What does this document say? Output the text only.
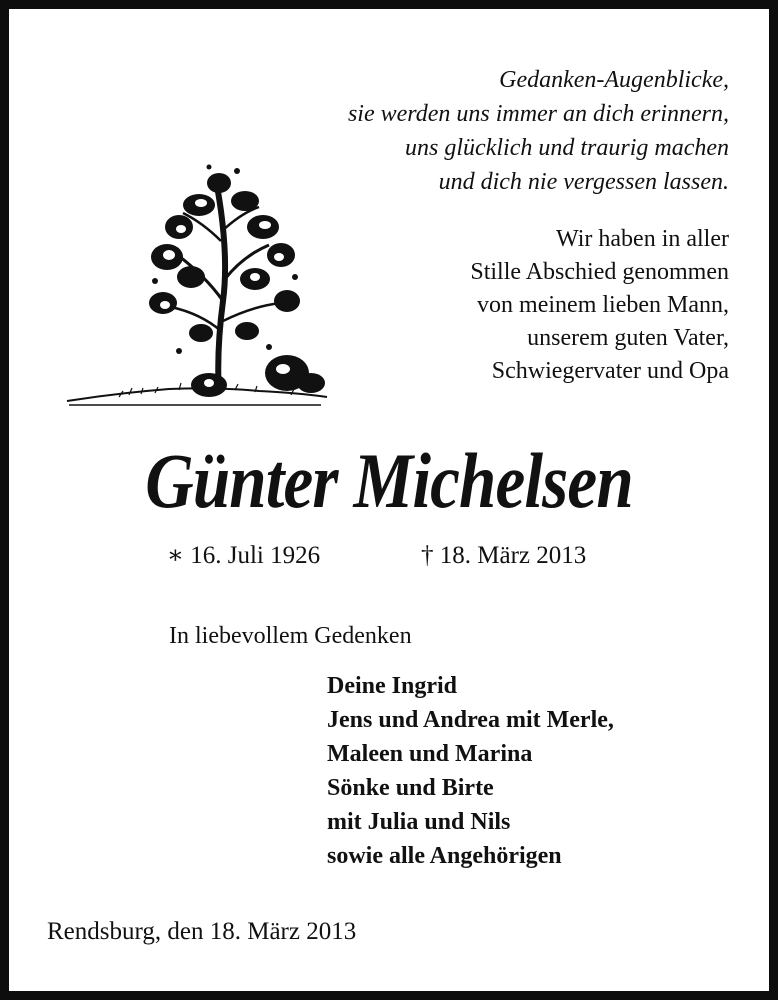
Gedanken-Augenblicke,
sie werden uns immer an dich erinnern,
uns glücklich und traurig machen
und dich nie vergessen lassen.
Wir haben in aller
Stille Abschied genommen
von meinem lieben Mann,
unserem guten Vater,
Schwiegervater und Opa
Günter Michelsen
∗ 16. Juli 1926	† 18. März 2013
In liebevollem Gedenken
Deine Ingrid
Jens und Andrea mit Merle,
Maleen und Marina
Sönke und Birte
mit Julia und Nils
sowie alle Angehörigen
Rendsburg, den 18. März 2013
